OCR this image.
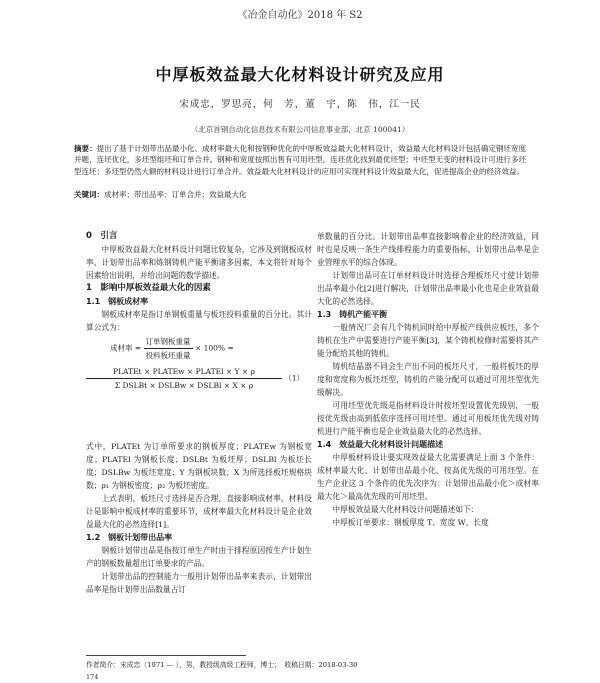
《冶金自动化》2018 年 S2
中厚板效益最大化材料设计研究及应用
宋成忠，罗思亮，何　芳，董　宇，陈　伟，江一民
（北京首钢自动化信息技术有限公司信息事业部，北京 100041）
摘要：提出了基于计划带出品最小化、成材率最大化和按钢种优化的中厚板效益最大化材料设计，效益最大化材料设计包括确定钢坯宽度并题，连坯优化，多坯型组坯和订单合并。钢种和宽度按照出售有可用坯型，连坯优化找到最优坯型；中坯型无变的材料设计可进行多坯型连坯；多坯型仍然大额的材料设计进行订单合并。效益最大化材料设计的应用可实现材料设计效益最大化，促进提高企业的经济效益。
关键词：成材率；带出品率；订单合并；效益最大化
0　引言

中厚板效益最大化材料设计问题比较复杂，它涉及到钢板成材率、计划带出品率和炼钢铸机产能平衡诸多因素，本文将针对每个因素给出说明，并给出问题的数学描述。

1　影响中厚板效益最大化的因素
1.1　钢板成材率

钢板成材率是指订单钢板重量与板坯投料重量的百分比。其计算公式为：

成材率 = $\frac{\text{订单钢板重量}}{\text{投料板坯重量}} \times 100\%$ =
$\frac{\text{PLATEt × PLATEw × PLATEl × Y × ρ}}{\text{Σ DSLBt × DSLBw × DSLBl × X × ρ}} (1)$

式中，PLATEt 为订单所要求的钢板厚度；PLATEw 为钢板宽度；PLATEl 为钢板长度；DSLBt 为板坯厚；DSLBl 为板坯长度；DSLBw 为板坯宽度；Y 为钢板块数；X 为所选择板坯规格块数；ρ₁ 为钢板密度；ρ₂ 为板坯密度。

上式表明，板坯尺寸选择是否合理，直接影响成材率，材料设计是影响中板成材率的重要环节，成材率最大化材料设计是企业效益最大化的必然选择[1]。

1.2　钢板计划带出品率

钢板计划带出品是指按订单生产时由于排程原因按生产计划生产的钢板数量超出订单要求的产品。

计划带出品的控制能力一般用计划带出品率来表示，计划带出品率是指计划带出品数量占订

单数量的百分比。计划带出品率直接影响着企业的经济效益，同时也是反映一条生产线排程能力的重要指标，计划带出品率是企业管理水平的综合体现。

计划带出品可在订单材料设计时选择合理板坯尺寸使计划带出品率最小化[2]进行解决，计划带出品率最小化也是企业效益最大化的必然选择。

1.3　铸机产能平衡

一般情况厂会有几个铸机同时给中厚板产线供应板坯，多个铸机在生产中需要进行产能平衡[3]，某个铸机检修时需要将其产能分配给其他的铸机。

铸机结晶器不同会生产出不同的板坯尺寸，一般将板坯的厚度和宽度称为板坯坯型，铸机的产能分配可以通过可用坯型优先级解决。

可用坯型优先级是指材料设计时按坯型设置优先级别，一般按优先级由高到低依序选择可用坯型。通过可用板坯优先级对铸机进行产能平衡也是企业效益最大化的必然选择。

1.4　效益最大化材料设计问题描述

中厚板材料设计要实现效益最大化需要满足上面 3 个条件：成材率最大化、计划带出品最小化、按高优先级的可用坯型。在生产企业这 3 个条件的优先次序为：计划带出品最小化＞成材率最大化＞最高优先级的可用坯型。

中厚板效益最大化材料设计问题描述如下：

中厚板订单要求：钢板厚度 T、宽度 W、长度

作者简介：宋成忠（1971 — ），男，教授级高级工程师，博士；　收稿日期：2018-03-30
174
